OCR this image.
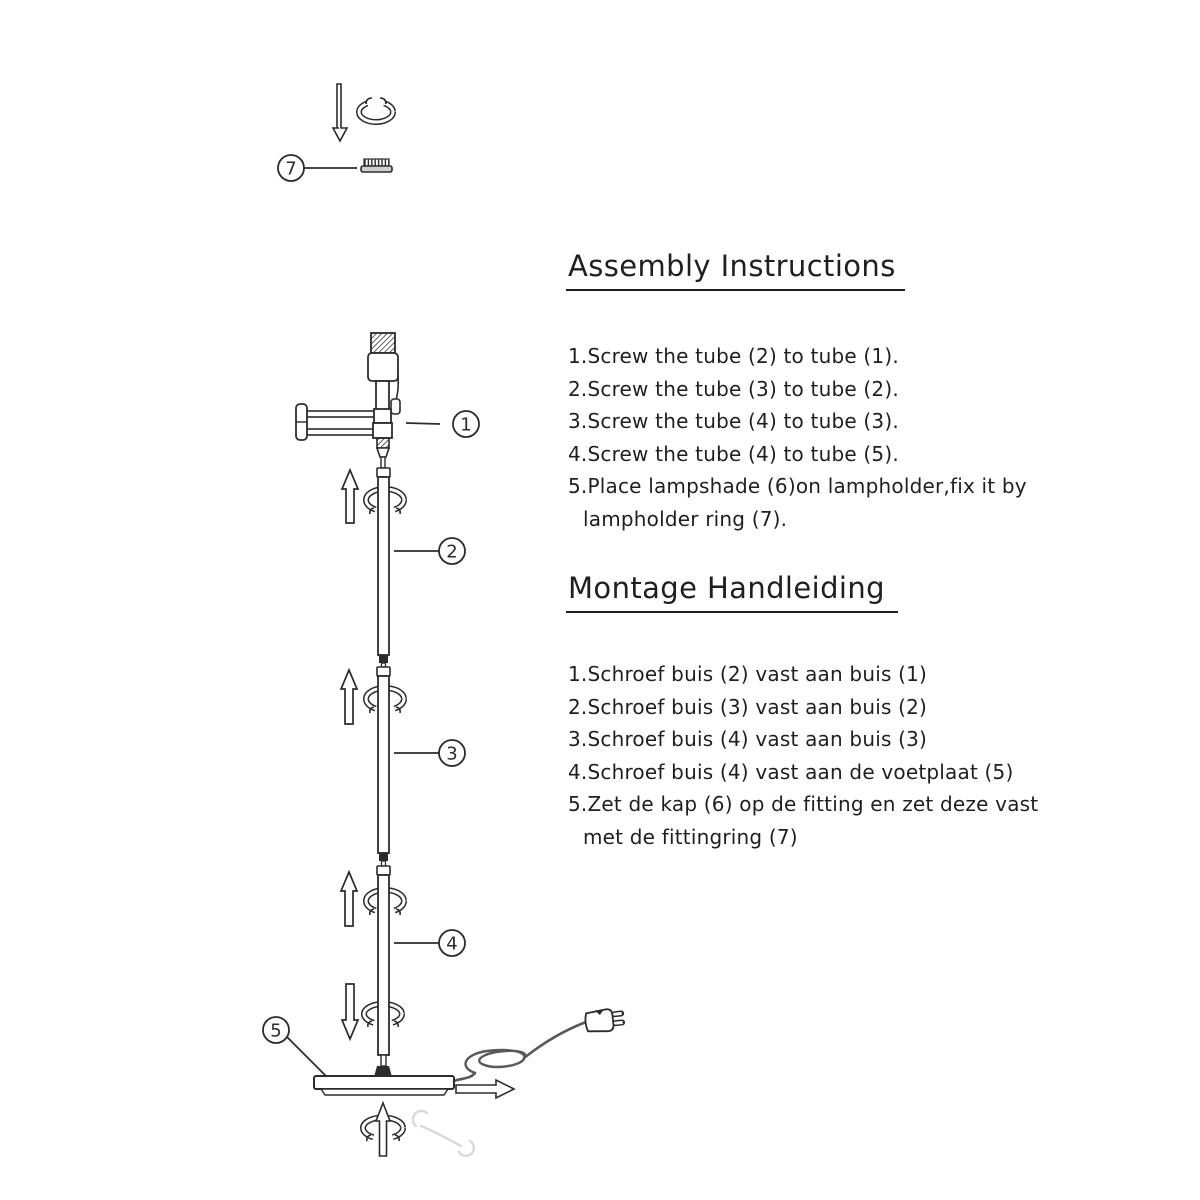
7
1
2
3
4
5
Assembly Instructions
1.Screw the tube (2) to tube (1).
2.Screw the tube (3) to tube (2).
3.Screw the tube (4) to tube (3).
4.Screw the tube (4) to tube (5).
5.Place lampshade (6)on lampholder,fix it by
lampholder ring (7).
Montage Handleiding
1.Schroef buis (2) vast aan buis (1)
2.Schroef buis (3) vast aan buis (2)
3.Schroef buis (4) vast aan buis (3)
4.Schroef buis (4) vast aan de voetplaat (5)
5.Zet de kap (6) op de fitting en zet deze vast
met de fittingring (7)
